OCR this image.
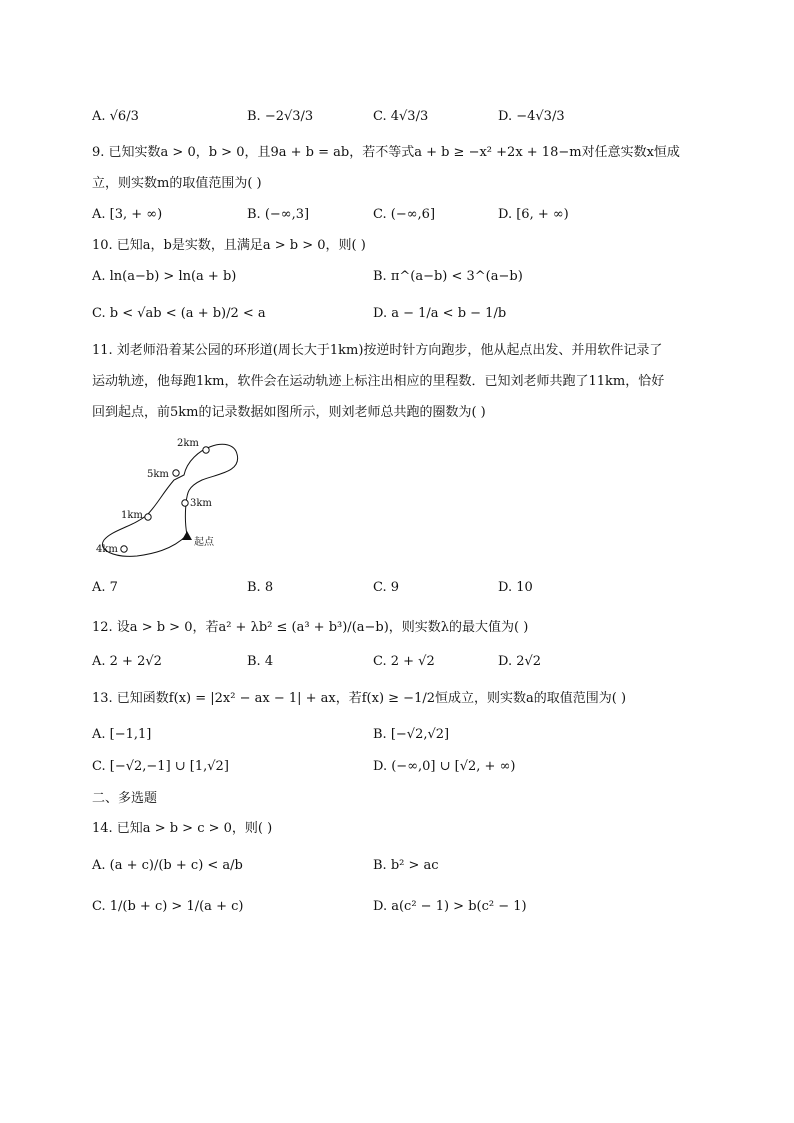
A. √6/3	B. −2√3/3	C. 4√3/3	D. −4√3/3
9. 已知实数a > 0，b > 0，且9a + b = ab，若不等式a + b ≥ −x² +2x + 18−m对任意实数x恒成
立，则实数m的取值范围为( )
A. [3, + ∞)	B. (−∞,3]	C. (−∞,6]	D. [6, + ∞)
10. 已知a，b是实数，且满足a > b > 0，则( )
A. ln(a−b) > ln(a + b)	B. π^(a−b) < 3^(a−b)
C. b < √ab < (a + b)/2 < a	D. a − 1/a < b − 1/b
11. 刘老师沿着某公园的环形道(周长大于1km)按逆时针方向跑步，他从起点出发、并用软件记录了
运动轨迹，他每跑1km，软件会在运动轨迹上标注出相应的里程数．已知刘老师共跑了11km，恰好
回到起点，前5km的记录数据如图所示，则刘老师总共跑的圈数为( )
2km
5km
3km
1km
4km
起点
A. 7	B. 8	C. 9	D. 10
12. 设a > b > 0，若a² + λb² ≤ (a³ + b³)/(a−b)，则实数λ的最大值为( )
A. 2 + 2√2	B. 4	C. 2 + √2	D. 2√2
13. 已知函数f(x) = |2x² − ax − 1| + ax，若f(x) ≥ −1/2恒成立，则实数a的取值范围为( )
A. [−1,1]	B. [−√2,√2]
C. [−√2,−1] ∪ [1,√2]	D. (−∞,0] ∪ [√2, + ∞)
二、多选题
14. 已知a > b > c > 0，则( )
A. (a + c)/(b + c) < a/b	B. b² > ac
C. 1/(b + c) > 1/(a + c)	D. a(c² − 1) > b(c² − 1)
